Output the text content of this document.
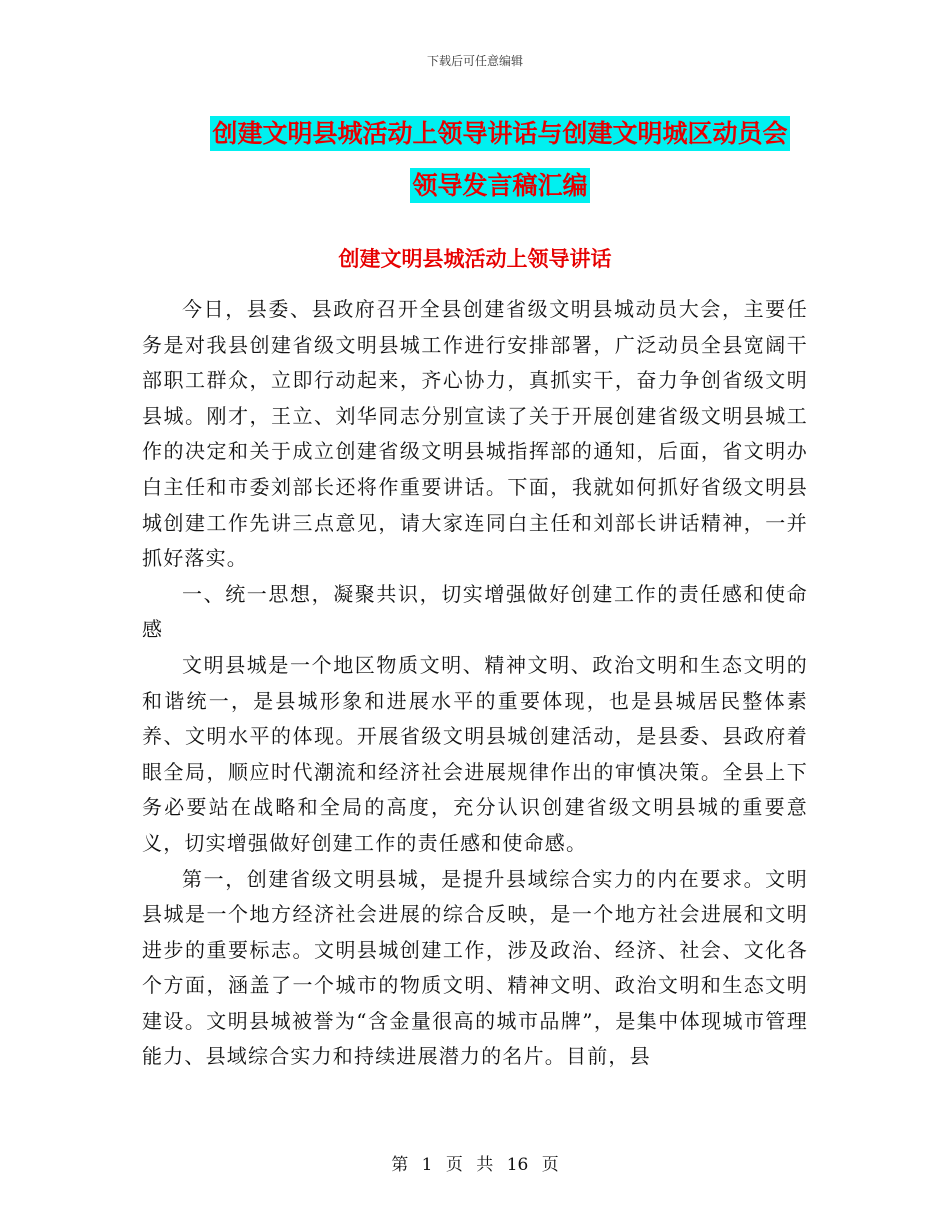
下载后可任意编辑
创建文明县城活动上领导讲话与创建文明城区动员会
领导发言稿汇编
创建文明县城活动上领导讲话

今日，县委、县政府召开全县创建省级文明县城动员大会，主要任务是对我县创建省级文明县城工作进行安排部署，广泛动员全县宽阔干部职工群众，立即行动起来，齐心协力，真抓实干，奋力争创省级文明县城。刚才，王立、刘华同志分别宣读了关于开展创建省级文明县城工作的决定和关于成立创建省级文明县城指挥部的通知，后面，省文明办白主任和市委刘部长还将作重要讲话。下面，我就如何抓好省级文明县城创建工作先讲三点意见，请大家连同白主任和刘部长讲话精神，一并抓好落实。

一、统一思想，凝聚共识，切实增强做好创建工作的责任感和使命感

文明县城是一个地区物质文明、精神文明、政治文明和生态文明的和谐统一，是县城形象和进展水平的重要体现，也是县城居民整体素养、文明水平的体现。开展省级文明县城创建活动，是县委、县政府着眼全局，顺应时代潮流和经济社会进展规律作出的审慎决策。全县上下务必要站在战略和全局的高度，充分认识创建省级文明县城的重要意义，切实增强做好创建工作的责任感和使命感。

第一，创建省级文明县城，是提升县域综合实力的内在要求。文明县城是一个地方经济社会进展的综合反映，是一个地方社会进展和文明进步的重要标志。文明县城创建工作，涉及政治、经济、社会、文化各个方面，涵盖了一个城市的物质文明、精神文明、政治文明和生态文明建设。文明县城被誉为“含金量很高的城市品牌”，是集中体现城市管理能力、县域综合实力和持续进展潜力的名片。目前，县

第 1 页 共 16 页
